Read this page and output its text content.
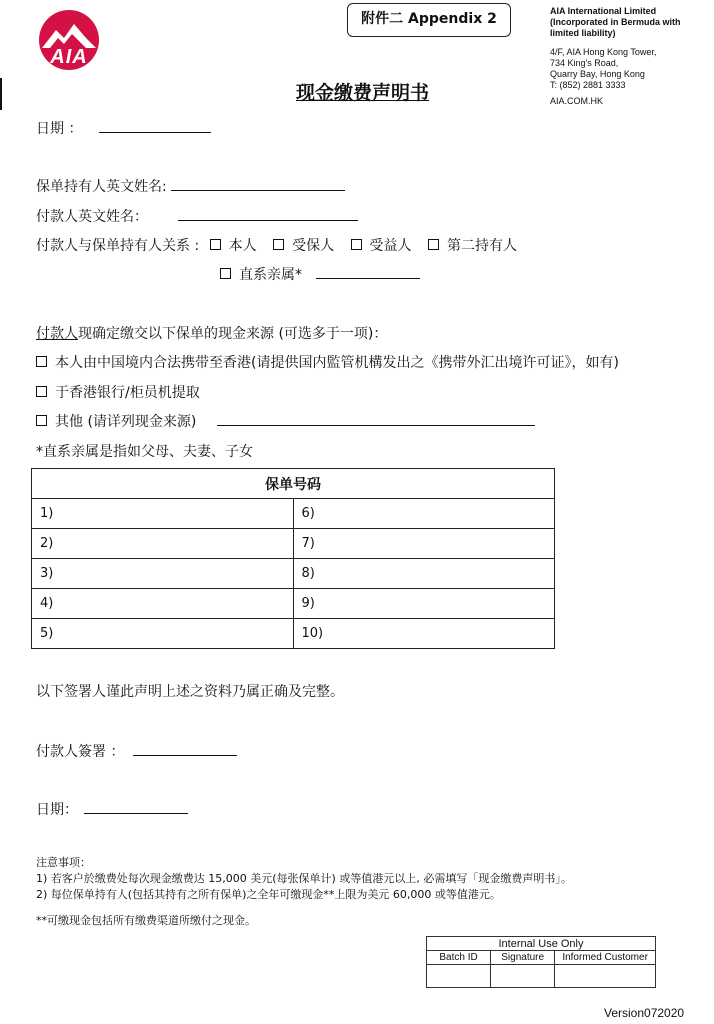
AIA
附件二 Appendix 2	AIA International Limited
(Incorporated in Bermuda with
limited liability)
4/F, AIA Hong Kong Tower,
734 King's Road,
Quarry Bay, Hong Kong
T: (852) 2881 3333
AIA.COM.HK
现金缴费声明书
日期 ：
保单持有人英文姓名:
付款人英文姓名：
付款人与保单持有人关系 : 本人	受保人	受益人	第二持有人
直系亲属*
付款人现确定缴交以下保单的现金来源 (可选多于一项)：
本人由中国境内合法携带至香港(请提供国内監管机構发出之《携带外汇出境许可证》，如有)
于香港银行/柜员机提取
其他 (请详列现金来源)
*直系亲属是指如父母、夫妻、子女
保单号码	
1)	6)
2)	7)
3)	8)
4)	9)
5)	10)
以下签署人谨此声明上述之资料乃属正确及完整。
付款人簽署 ：
日期：
注意事项：
1) 若客户於缴费处每次现金缴费达 15,000 美元(每张保单计) 或等值港元以上, 必需填写「现金缴费声明书」。
2) 每位保单持有人(包括其持有之所有保单)之全年可缴现金**上限为美元 60,000 或等值港元。
**可缴现金包括所有缴费渠道所缴付之现金。
Internal Use Only		
Batch ID	Signature	Informed Customer

Version072020
